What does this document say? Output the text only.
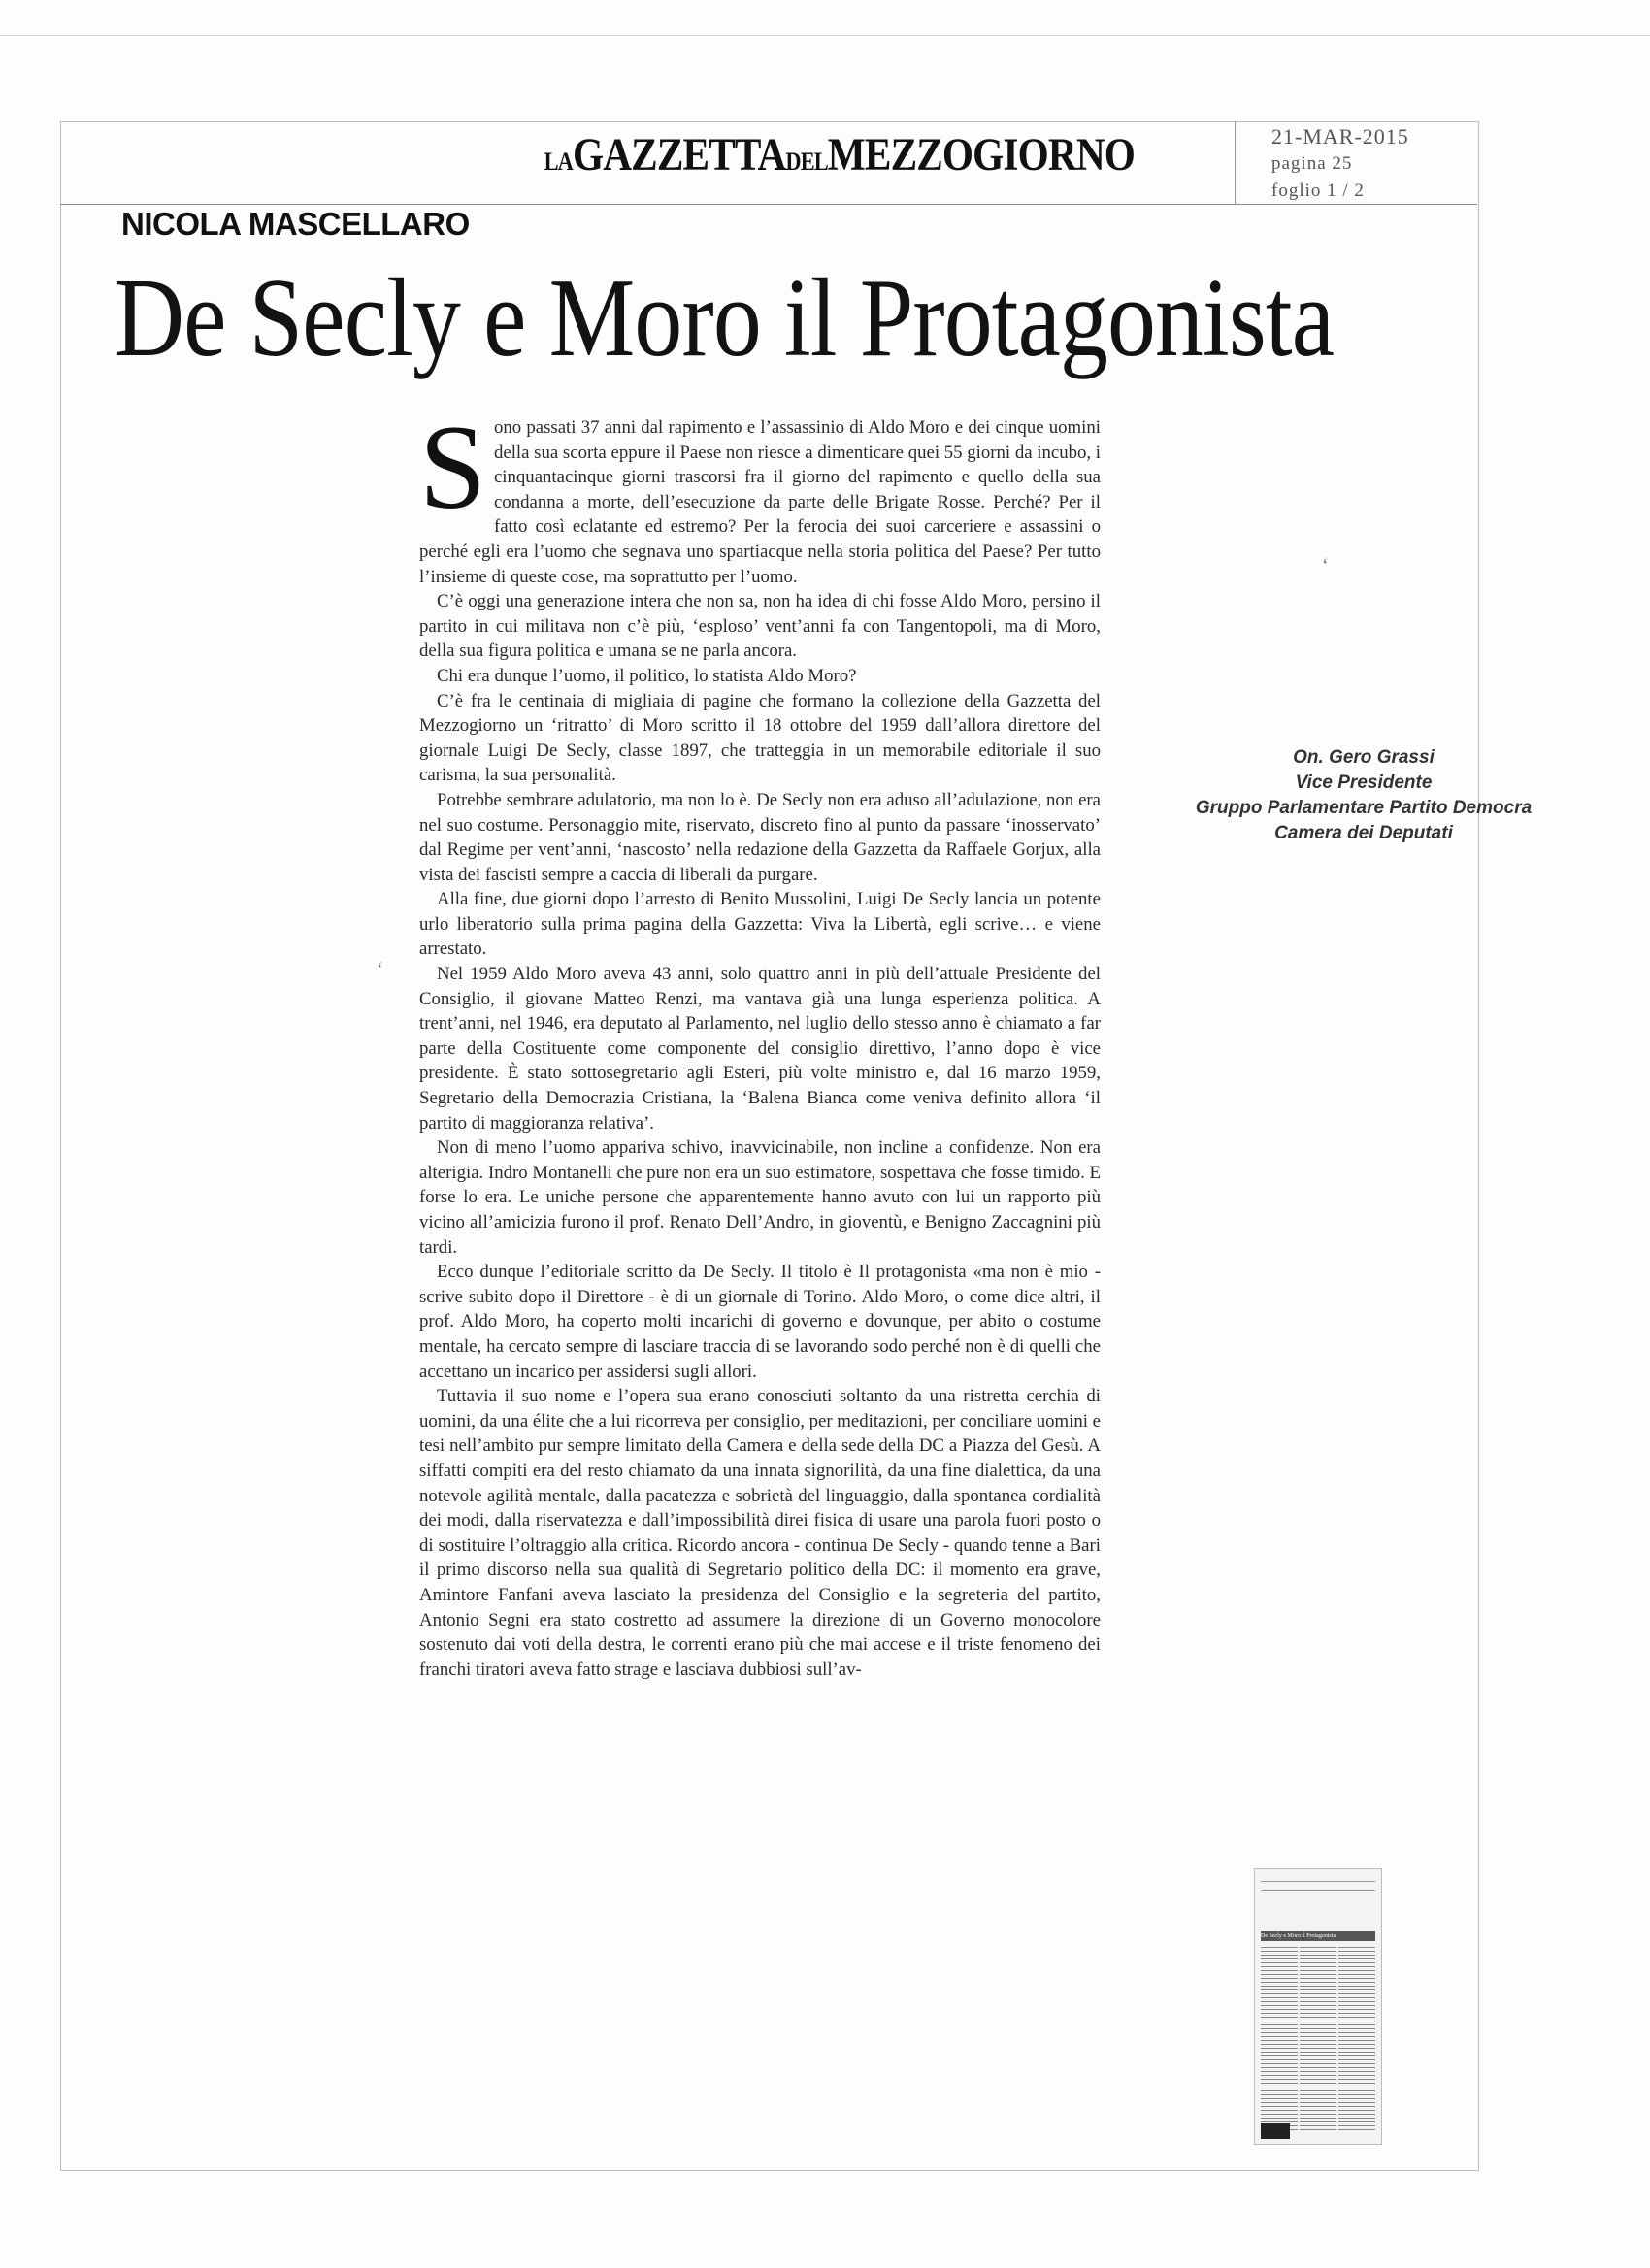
LAGAZZETTADELMEZZOGIORNO	21-MAR-2015
pagina 25
foglio 1 / 2
NICOLA MASCELLARO
De Secly e Moro il Protagonista

Sono passati 37 anni dal rapimento e l’assassinio di Aldo Moro e dei cinque uomini della sua scorta eppure il Paese non riesce a dimenticare quei 55 giorni da incubo, i cinquantacinque giorni trascorsi fra il giorno del rapimento e quello della sua condanna a morte, dell’esecuzione da parte delle Brigate Rosse. Perché? Per il fatto così eclatante ed estremo? Per la ferocia dei suoi carceriere e assassini o perché egli era l’uomo che segnava uno spartiacque nella storia politica del Paese? Per tutto l’insieme di queste cose, ma soprattutto per l’uomo.

C’è oggi una generazione intera che non sa, non ha idea di chi fosse Aldo Moro, persino il partito in cui militava non c’è più, ‘esploso’ vent’anni fa con Tangentopoli, ma di Moro, della sua figura politica e umana se ne parla ancora.

Chi era dunque l’uomo, il politico, lo statista Aldo Moro?

C’è fra le centinaia di migliaia di pagine che formano la collezione della Gazzetta del Mezzogiorno un ‘ritratto’ di Moro scritto il 18 ottobre del 1959 dall’allora direttore del giornale Luigi De Secly, classe 1897, che tratteggia in un memorabile editoriale il suo carisma, la sua personalità.

Potrebbe sembrare adulatorio, ma non lo è. De Secly non era aduso all’adulazione, non era nel suo costume. Personaggio mite, riservato, discreto fino al punto da passare ‘inosservato’ dal Regime per vent’anni, ‘nascosto’ nella redazione della Gazzetta da Raffaele Gorjux, alla vista dei fascisti sempre a caccia di liberali da purgare.

Alla fine, due giorni dopo l’arresto di Benito Mussolini, Luigi De Secly lancia un potente urlo liberatorio sulla prima pagina della Gazzetta: Viva la Libertà, egli scrive… e viene arrestato.

Nel 1959 Aldo Moro aveva 43 anni, solo quattro anni in più dell’attuale Presidente del Consiglio, il giovane Matteo Renzi, ma vantava già una lunga esperienza politica. A trent’anni, nel 1946, era deputato al Parlamento, nel luglio dello stesso anno è chiamato a far parte della Costituente come componente del consiglio direttivo, l’anno dopo è vice presidente. È stato sottosegretario agli Esteri, più volte ministro e, dal 16 marzo 1959, Segretario della Democrazia Cristiana, la ‘Balena Bianca come veniva definito allora ‘il partito di maggioranza relativa’.

Non di meno l’uomo appariva schivo, inavvicinabile, non incline a confidenze. Non era alterigia. Indro Montanelli che pure non era un suo estimatore, sospettava che fosse timido. E forse lo era. Le uniche persone che apparentemente hanno avuto con lui un rapporto più vicino all’amicizia furono il prof. Renato Dell’Andro, in gioventù, e Benigno Zaccagnini più tardi.

Ecco dunque l’editoriale scritto da De Secly. Il titolo è Il protagonista «ma non è mio - scrive subito dopo il Direttore - è di un giornale di Torino. Aldo Moro, o come dice altri, il prof. Aldo Moro, ha coperto molti incarichi di governo e dovunque, per abito o costume mentale, ha cercato sempre di lasciare traccia di se lavorando sodo perché non è di quelli che accettano un incarico per assidersi sugli allori.

Tuttavia il suo nome e l’opera sua erano conosciuti soltanto da una ristretta cerchia di uomini, da una élite che a lui ricorreva per consiglio, per meditazioni, per conciliare uomini e tesi nell’ambito pur sempre limitato della Camera e della sede della DC a Piazza del Gesù. A siffatti compiti era del resto chiamato da una innata signorilità, da una fine dialettica, da una notevole agilità mentale, dalla pacatezza e sobrietà del linguaggio, dalla spontanea cordialità dei modi, dalla riservatezza e dall’impossibilità direi fisica di usare una parola fuori posto o di sostituire l’oltraggio alla critica. Ricordo ancora - continua De Secly - quando tenne a Bari il primo discorso nella sua qualità di Segretario politico della DC: il momento era grave, Amintore Fanfani aveva lasciato la presidenza del Consiglio e la segreteria del partito, Antonio Segni era stato costretto ad assumere la direzione di un Governo monocolore sostenuto dai voti della destra, le correnti erano più che mai accese e il triste fenomeno dei franchi tiratori aveva fatto strage e lasciava dubbiosi sull’av-

On. Gero Grassi
Vice Presidente
Gruppo Parlamentare Partito Democra
Camera dei Deputati
‘
‘
De Secly e Moro il Protagonista
